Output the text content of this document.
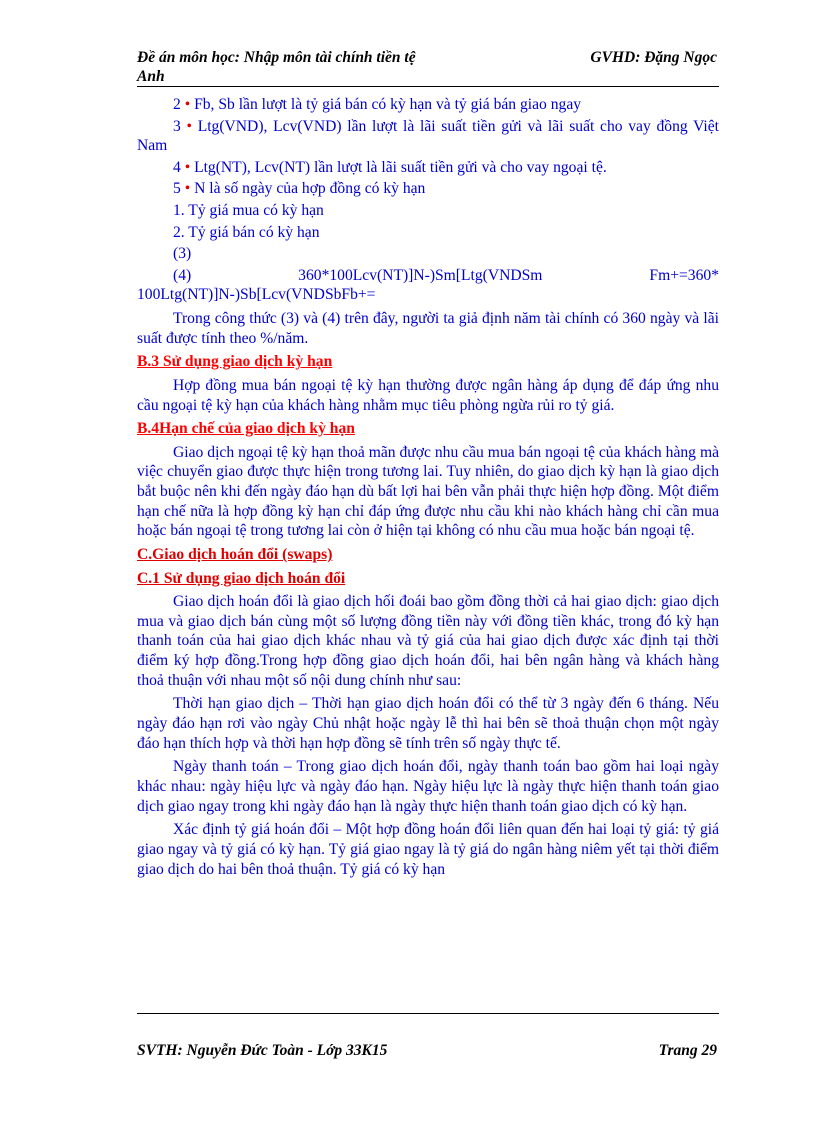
Đề án môn học: Nhập môn tài chính tiền tệ
Anh
GVHD: Đặng Ngọc

2 • Fb, Sb lần lượt là tỷ giá bán có kỳ hạn và tỷ giá bán giao ngay

3 • Ltg(VND), Lcv(VND) lần lượt là lãi suất tiền gửi và lãi suất cho vay đồng Việt Nam

4 • Ltg(NT), Lcv(NT) lần lượt là lãi suất tiền gửi và cho vay ngoại tệ.

5 • N là số ngày của hợp đồng có kỳ hạn

1. Tỷ giá mua có kỳ hạn

2. Tỷ giá bán có kỳ hạn

(3)

(4)	360*100Lcv(NT)]N-)Sm[Ltg(VNDSm	Fm+=360*

100Ltg(NT)]N-)Sb[Lcv(VNDSbFb+=

Trong công thức (3) và (4) trên đây, người ta giả định năm tài chính có 360 ngày và lãi suất được tính theo %/năm.

B.3 Sử dụng giao dịch kỳ hạn

Hợp đồng mua bán ngoại tệ kỳ hạn thường được ngân hàng áp dụng để đáp ứng nhu cầu ngoại tệ kỳ hạn của khách hàng nhằm mục tiêu phòng ngừa rủi ro tỷ giá.

B.4Hạn chế của giao dịch kỳ hạn

Giao dịch ngoại tệ kỳ hạn thoả mãn được nhu cầu mua bán ngoại tệ của khách hàng mà việc chuyển giao được thực hiện trong tương lai. Tuy nhiên, do giao dịch kỳ hạn là giao dịch bắt buộc nên khi đến ngày đáo hạn dù bất lợi hai bên vẫn phải thực hiện hợp đồng. Một điểm hạn chế nữa là hợp đồng kỳ hạn chỉ đáp ứng được nhu cầu khi nào khách hàng chỉ cần mua hoặc bán ngoại tệ trong tương lai còn ở hiện tại không có nhu cầu mua hoặc bán ngoại tệ.

C.Giao dịch hoán đổi (swaps)

C.1 Sử dụng giao dịch hoán đổi

Giao dịch hoán đổi là giao dịch hối đoái bao gồm đồng thời cả hai giao dịch: giao dịch mua và giao dịch bán cùng một số lượng đồng tiền này với đồng tiền khác, trong đó kỳ hạn thanh toán của hai giao dịch khác nhau và tỷ giá của hai giao dịch được xác định tại thời điểm ký hợp đồng.Trong hợp đồng giao dịch hoán đổi, hai bên ngân hàng và khách hàng thoả thuận với nhau một số nội dung chính như sau:

Thời hạn giao dịch – Thời hạn giao dịch hoán đổi có thể từ 3 ngày đến 6 tháng. Nếu ngày đáo hạn rơi vào ngày Chủ nhật hoặc ngày lễ thì hai bên sẽ thoả thuận chọn một ngày đáo hạn thích hợp và thời hạn hợp đồng sẽ tính trên số ngày thực tế.

Ngày thanh toán – Trong giao dịch hoán đổi, ngày thanh toán bao gồm hai loại ngày khác nhau: ngày hiệu lực và ngày đáo hạn. Ngày hiệu lực là ngày thực hiện thanh toán giao dịch giao ngay trong khi ngày đáo hạn là ngày thực hiện thanh toán giao dịch có kỳ hạn.

Xác định tỷ giá hoán đổi – Một hợp đồng hoán đổi liên quan đến hai loại tỷ giá: tỷ giá giao ngay và tỷ giá có kỳ hạn. Tỷ giá giao ngay là tỷ giá do ngân hàng niêm yết tại thời điểm giao dịch do hai bên thoả thuận. Tỷ giá có kỳ hạn

SVTH: Nguyễn Đức Toàn - Lớp 33K15	Trang 29
